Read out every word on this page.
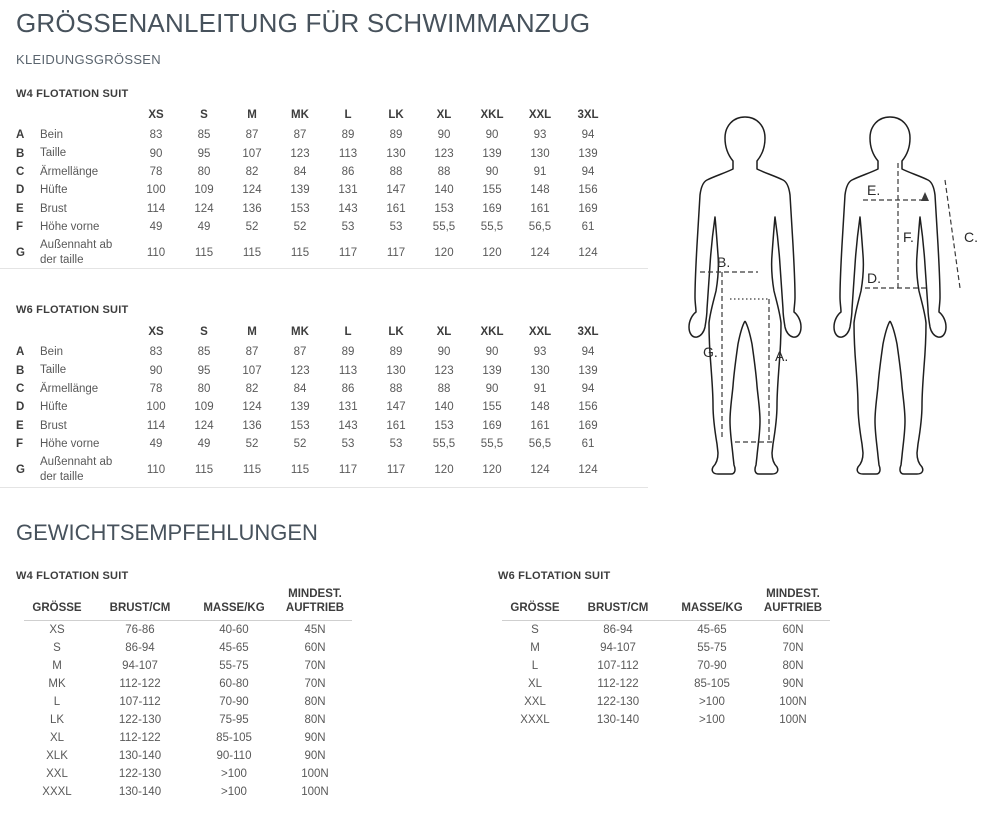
GRÖSSENANLEITUNG FÜR SCHWIMMANZUG
KLEIDUNGSGRÖSSEN
W4 FLOTATION SUIT
		XS	S	M	MK	L	LK	XL	XKL	XXL	3XL
A	Bein	83	85	87	87	89	89	90	90	93	94
B	Taille	90	95	107	123	113	130	123	139	130	139
C	Ärmellänge	78	80	82	84	86	88	88	90	91	94
D	Hüfte	100	109	124	139	131	147	140	155	148	156
E	Brust	114	124	136	153	143	161	153	169	161	169
F	Höhe vorne	49	49	52	52	53	53	55,5	55,5	56,5	61
G	Außennaht ab der taille	110	115	115	115	117	117	120	120	124	124
W6 FLOTATION SUIT
		XS	S	M	MK	L	LK	XL	XKL	XXL	3XL
A	Bein	83	85	87	87	89	89	90	90	93	94
B	Taille	90	95	107	123	113	130	123	139	130	139
C	Ärmellänge	78	80	82	84	86	88	88	90	91	94
D	Hüfte	100	109	124	139	131	147	140	155	148	156
E	Brust	114	124	136	153	143	161	153	169	161	169
F	Höhe vorne	49	49	52	52	53	53	55,5	55,5	56,5	61
G	Außennaht ab der taille	110	115	115	115	117	117	120	120	124	124
GEWICHTSEMPFEHLUNGEN
W4 FLOTATION SUIT
GRÖSSE	BRUST/CM	MASSE/KG	MINDEST. AUFTRIEB
XS	76-86	40-60	45N
S	86-94	45-65	60N
M	94-107	55-75	70N
MK	112-122	60-80	70N
L	107-112	70-90	80N
LK	122-130	75-95	80N
XL	112-122	85-105	90N
XLK	130-140	90-110	90N
XXL	122-130	>100	100N
XXXL	130-140	>100	100N
W6 FLOTATION SUIT
GRÖSSE	BRUST/CM	MASSE/KG	MINDEST. AUFTRIEB
S	86-94	45-65	60N
M	94-107	55-75	70N
L	107-112	70-90	80N
XL	112-122	85-105	90N
XXL	122-130	>100	100N
XXXL	130-140	>100	100N
B.
G.	A.
E.
F.
D.
C.
